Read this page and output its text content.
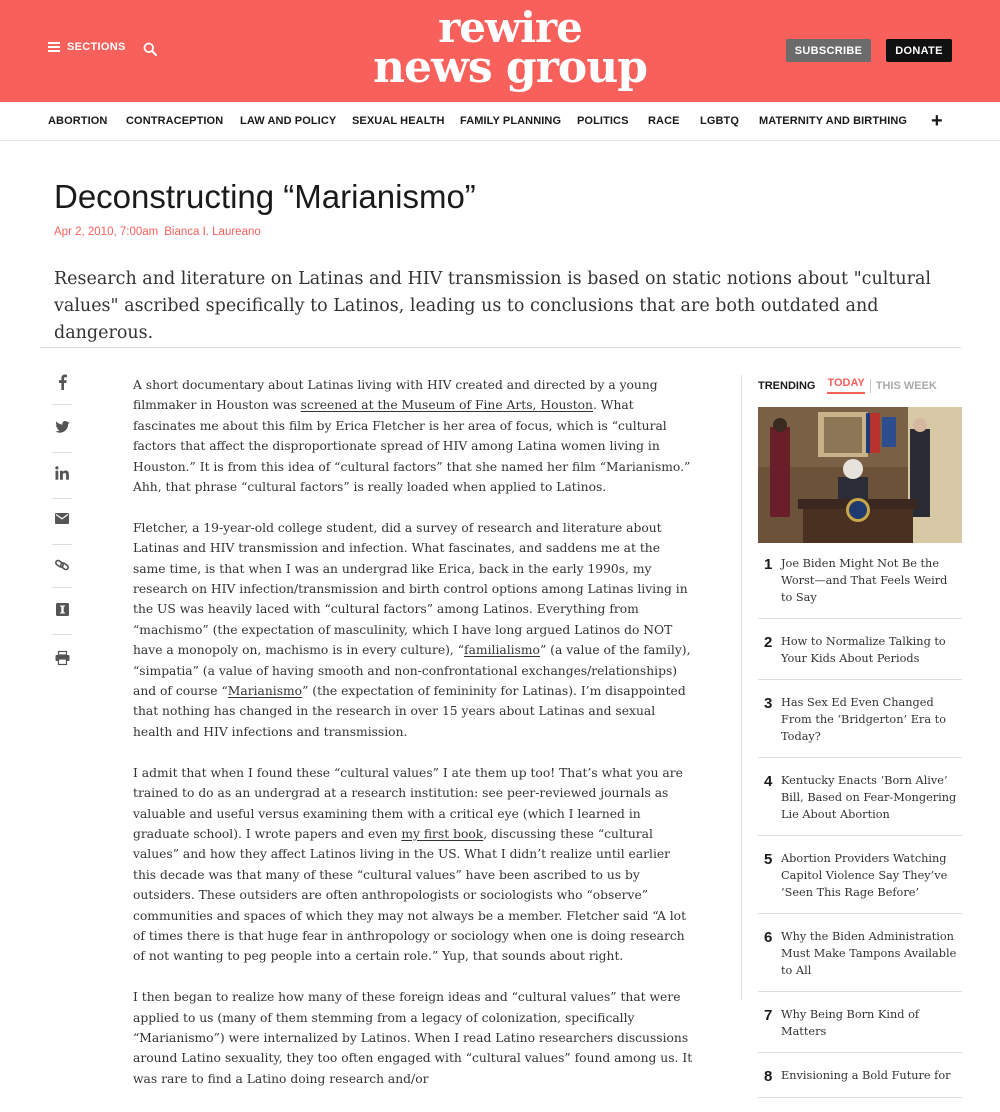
SECTIONS	rewire
news group	SUBSCRIBE	DONATE
ABORTION CONTRACEPTION LAW AND POLICY SEXUAL HEALTH FAMILY PLANNING POLITICS RACE LGBTQ MATERNITY AND BIRTHING +
Deconstructing “Marianismo”
Apr 2, 2010, 7:00am Bianca I. Laureano
Research and literature on Latinas and HIV transmission is based on static notions about "cultural values" ascribed specifically to Latinos, leading us to conclusions that are both outdated and dangerous.

A short documentary about Latinas living with HIV created and directed by a young filmmaker in Houston was screened at the Museum of Fine Arts, Houston. What fascinates me about this film by Erica Fletcher is her area of focus, which is “cultural factors that affect the disproportionate spread of HIV among Latina women living in Houston.” It is from this idea of “cultural factors” that she named her film “Marianismo.” Ahh, that phrase “cultural factors” is really loaded when applied to Latinos.

Fletcher, a 19-year-old college student, did a survey of research and literature about Latinas and HIV transmission and infection. What fascinates, and saddens me at the same time, is that when I was an undergrad like Erica, back in the early 1990s, my research on HIV infection/transmission and birth control options among Latinas living in the US was heavily laced with “cultural factors” among Latinos. Everything from “machismo” (the expectation of masculinity, which I have long argued Latinos do NOT have a monopoly on, machismo is in every culture), “familialismo” (a value of the family), “simpatia” (a value of having smooth and non-confrontational exchanges/relationships) and of course “Marianismo” (the expectation of femininity for Latinas). I’m disappointed that nothing has changed in the research in over 15 years about Latinas and sexual health and HIV infections and transmission.

I admit that when I found these “cultural values” I ate them up too! That’s what you are trained to do as an undergrad at a research institution: see peer-reviewed journals as valuable and useful versus examining them with a critical eye (which I learned in graduate school). I wrote papers and even my first book, discussing these “cultural values” and how they affect Latinos living in the US. What I didn’t realize until earlier this decade was that many of these “cultural values” have been ascribed to us by outsiders. These outsiders are often anthropologists or sociologists who “observe” communities and spaces of which they may not always be a member. Fletcher said “A lot of times there is that huge fear in anthropology or sociology when one is doing research of not wanting to peg people into a certain role.” Yup, that sounds about right.

I then began to realize how many of these foreign ideas and “cultural values” that were applied to us (many of them stemming from a legacy of colonization, specifically “Marianismo”) were internalized by Latinos. When I read Latino researchers discussions around Latino sexuality, they too often engaged with “cultural values” found among us. It was rare to find a Latino doing research and/or

TRENDING TODAY THIS WEEK
1 Joe Biden Might Not Be the Worst—and That Feels Weird to Say
2 How to Normalize Talking to Your Kids About Periods
3 Has Sex Ed Even Changed From the ‘Bridgerton’ Era to Today?
4 Kentucky Enacts ‘Born Alive’ Bill, Based on Fear-Mongering Lie About Abortion
5 Abortion Providers Watching Capitol Violence Say They’ve ‘Seen This Rage Before’
6 Why the Biden Administration Must Make Tampons Available to All
7 Why Being Born Kind of Matters
8 Envisioning a Bold Future for
